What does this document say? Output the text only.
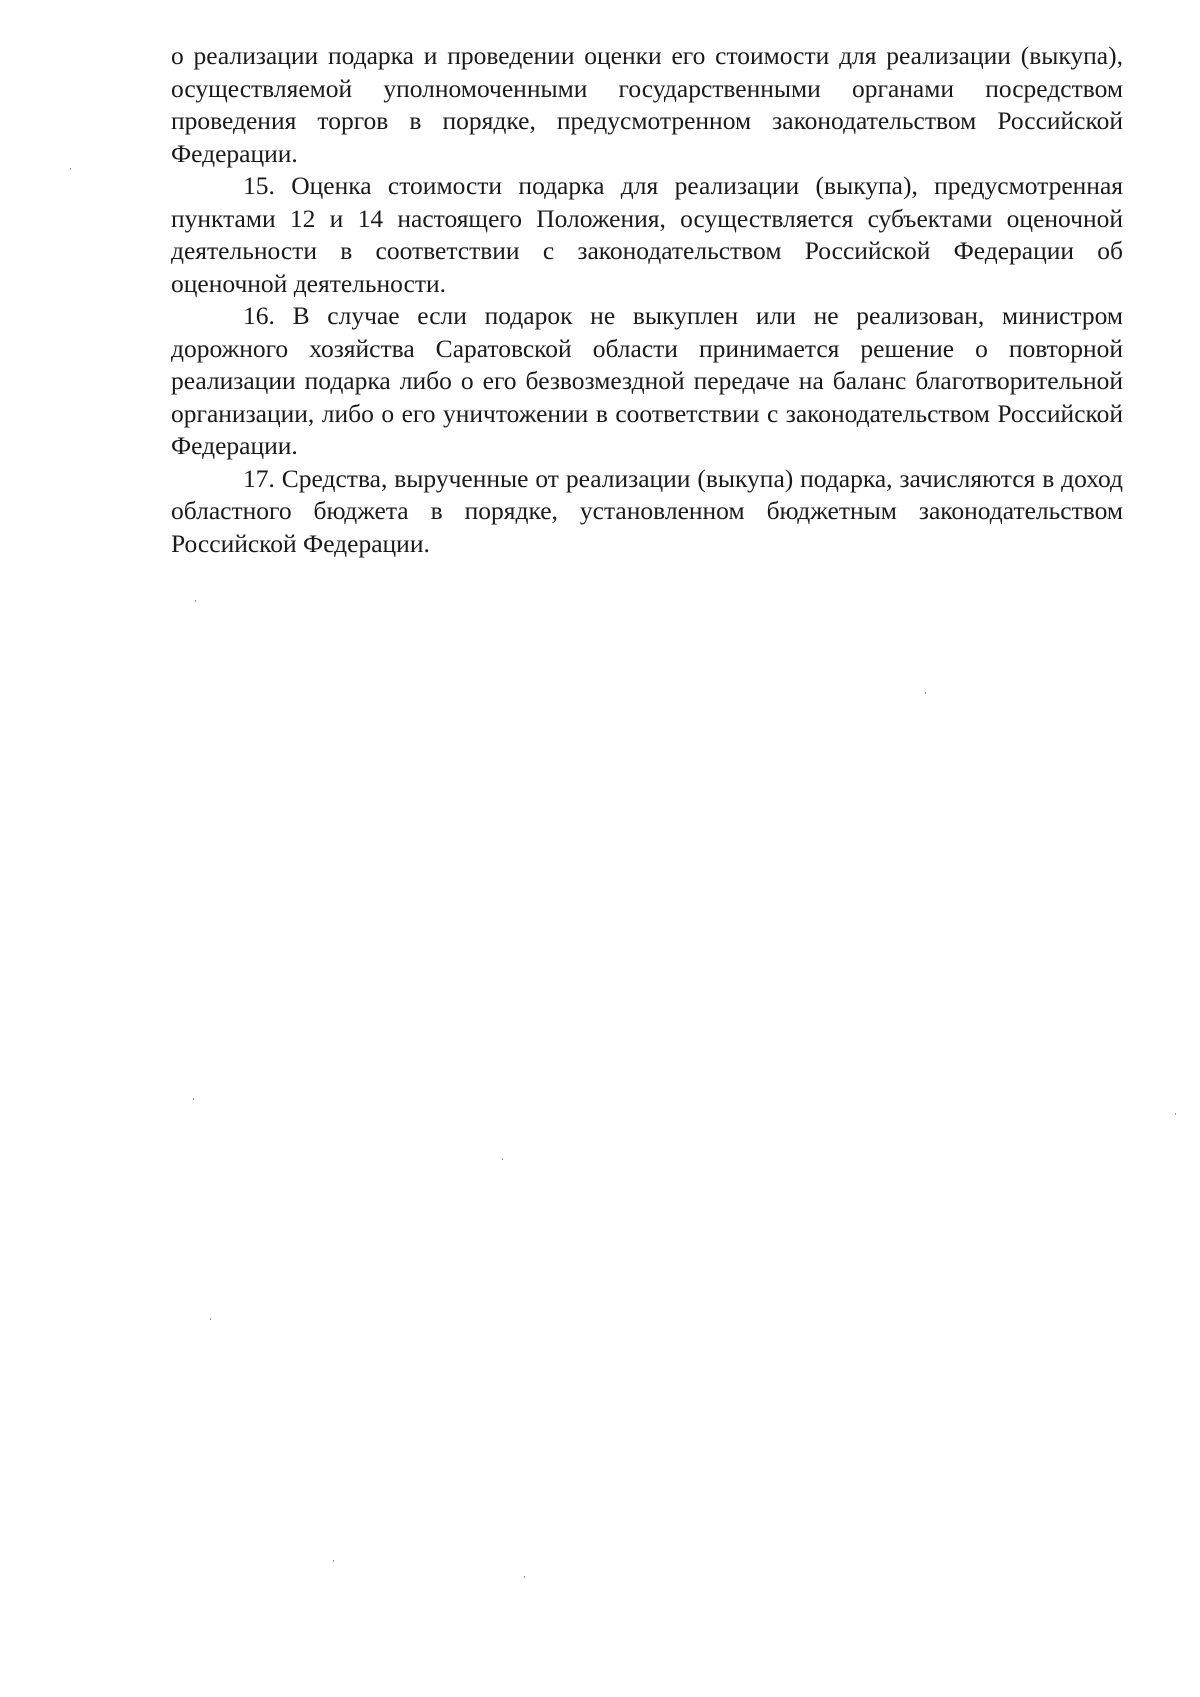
о реализации подарка и проведении оценки его стоимости для реализации (выкупа), осуществляемой уполномоченными государственными органами посредством проведения торгов в порядке, предусмотренном законодательством Российской Федерации.

15. Оценка стоимости подарка для реализации (выкупа), предусмотренная пунктами 12 и 14 настоящего Положения, осуществляется субъектами оценочной деятельности в соответствии с законодательством Российской Федерации об оценочной деятельности.

16. В случае если подарок не выкуплен или не реализован, министром дорожного хозяйства Саратовской области принимается решение о повторной реализации подарка либо о его безвозмездной передаче на баланс благотворительной организации, либо о его уничтожении в соответствии с законодательством Российской Федерации.

17. Средства, вырученные от реализации (выкупа) подарка, зачисляются в доход областного бюджета в порядке, установленном бюджетным законодательством Российской Федерации.
